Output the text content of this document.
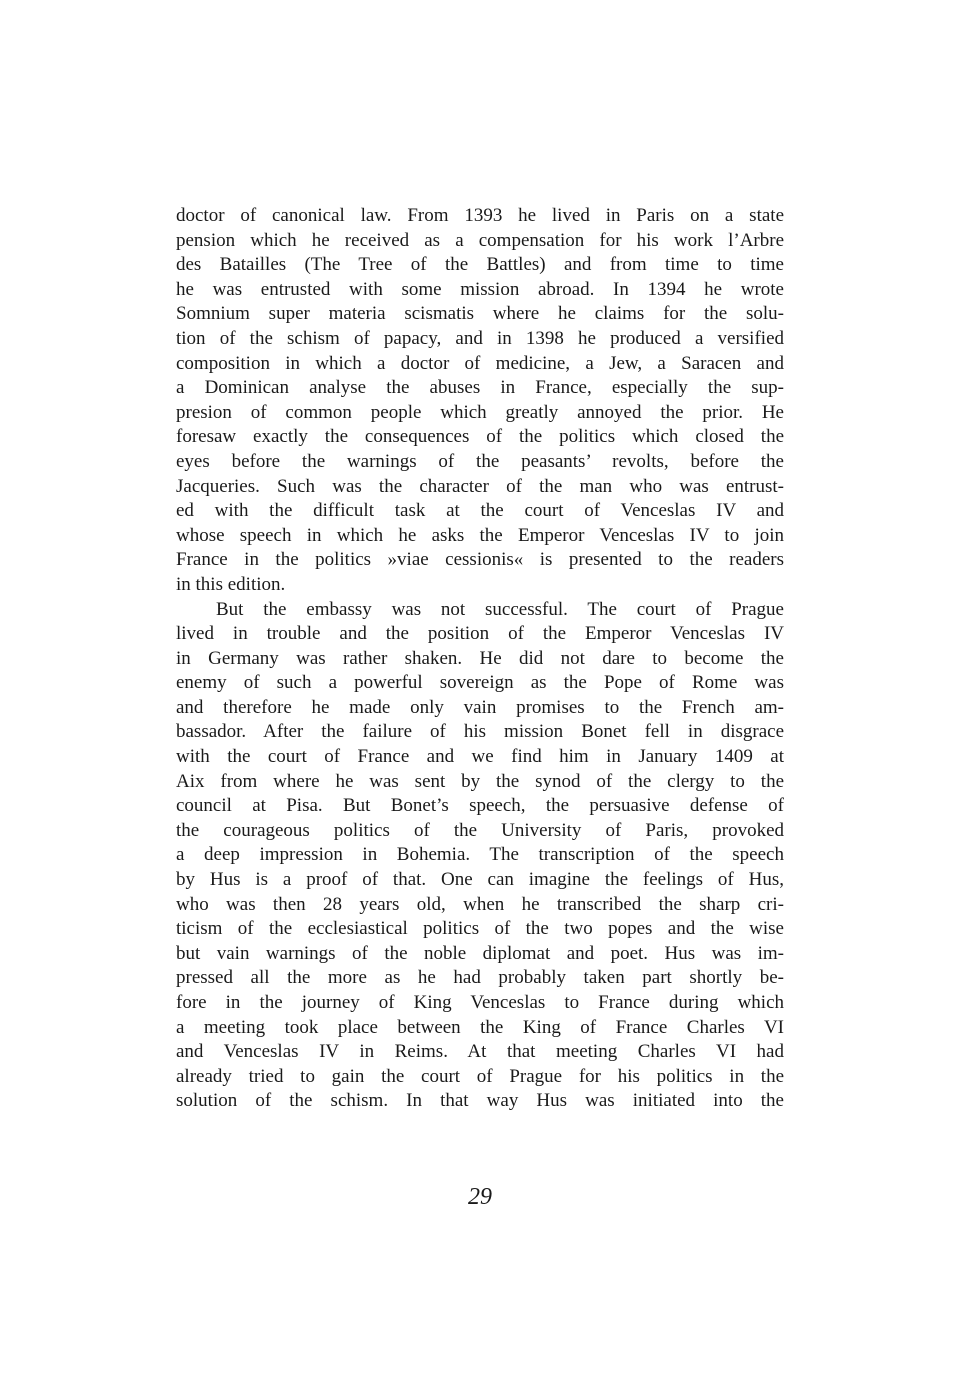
doctor of canonical law. From 1393 he lived in Paris on a state
pension which he received as a compensation for his work l’Arbre
des Batailles (The Tree of the Battles) and from time to time
he was entrusted with some mission abroad. In 1394 he wrote
Somnium super materia scismatis where he claims for the solu-
tion of the schism of papacy, and in 1398 he produced a versified
composition in which a doctor of medicine, a Jew, a Saracen and
a Dominican analyse the abuses in France, especially the sup-
presion of common people which greatly annoyed the prior. He
foresaw exactly the consequences of the politics which closed the
eyes before the warnings of the peasants’ revolts, before the
Jacqueries. Such was the character of the man who was entrust-
ed with the difficult task at the court of Venceslas IV and
whose speech in which he asks the Emperor Venceslas IV to join
France in the politics »viae cessionis« is presented to the readers
in this edition.
But the embassy was not successful. The court of Prague
lived in trouble and the position of the Emperor Venceslas IV
in Germany was rather shaken. He did not dare to become the
enemy of such a powerful sovereign as the Pope of Rome was
and therefore he made only vain promises to the French am-
bassador. After the failure of his mission Bonet fell in disgrace
with the court of France and we find him in January 1409 at
Aix from where he was sent by the synod of the clergy to the
council at Pisa. But Bonet’s speech, the persuasive defense of
the courageous politics of the University of Paris, provoked
a deep impression in Bohemia. The transcription of the speech
by Hus is a proof of that. One can imagine the feelings of Hus,
who was then 28 years old, when he transcribed the sharp cri-
ticism of the ecclesiastical politics of the two popes and the wise
but vain warnings of the noble diplomat and poet. Hus was im-
pressed all the more as he had probably taken part shortly be-
fore in the journey of King Venceslas to France during which
a meeting took place between the King of France Charles VI
and Venceslas IV in Reims. At that meeting Charles VI had
already tried to gain the court of Prague for his politics in the
solution of the schism. In that way Hus was initiated into the
29
